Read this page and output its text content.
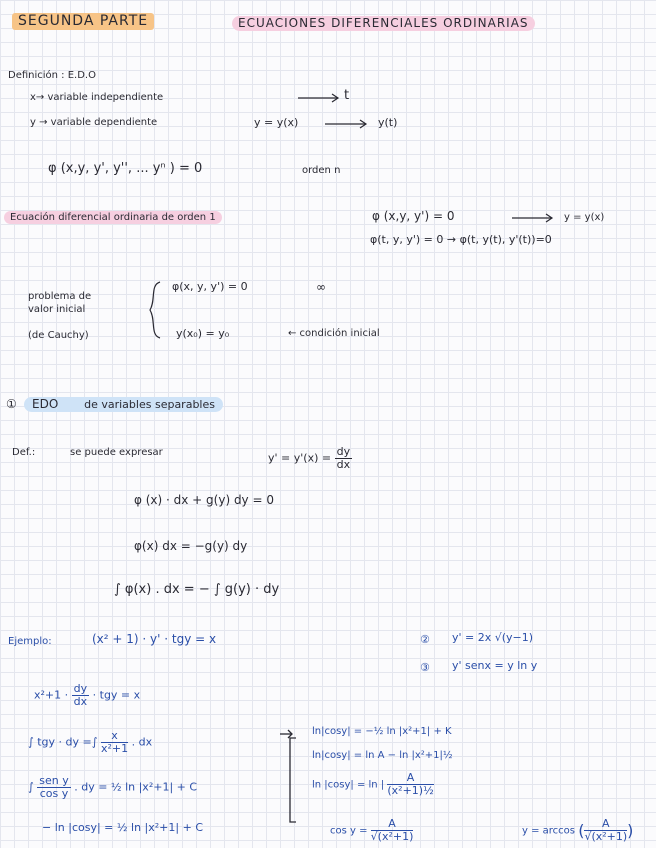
SEGUNDA PARTE	ECUACIONES DIFERENCIALES ORDINARIAS
Definición : E.D.O
x→ variable independiente	t
y → variable dependiente	y = y(x)	y(t)
φ (x,y, y', y'', ... yⁿ ) = 0	orden n
Ecuación diferencial ordinaria de orden 1	φ (x,y, y') = 0	y = y(x)
φ(t, y, y') = 0 → φ(t, y(t), y'(t))=0
problema de
valor inicial
(de Cauchy)
φ(x, y, y') = 0	∞
y(x₀) = y₀	← condición inicial
①	EDO de variables separables
Def.:	se puede expresar	$y' = y'(x) = \frac{dy}{dx}$
φ (x) · dx + g(y) dy = 0
φ(x) dx = −g(y) dy
∫ φ(x) . dx = − ∫ g(y) · dy
Ejemplo:	(x² + 1) · y' · tgy = x	② y' = 2x √(y−1)
③ y' senx = y ln y
$x^2+1 \cdot \frac{dy}{dx}$ · tgy = x
∫ tgy · dy =∫ $\frac{x}{\text{x²+1}}$ . dx
∫ $\frac{\text{sen y}}{\text{cos y}}$ . dy = ½ ln |x²+1| + C
− ln |cosy| = ½ ln |x²+1| + C
ln|cosy| = −½ ln |x²+1| + K
ln|cosy| = ln A − ln |x²+1|½
ln |cosy| = ln | $\frac{A}{\text{(x²+1)½}}$
$\cos y = \frac{A}{\text{√(x²+1)}}$	y = arccos ( $\frac{A}{\text{√(x²+1)}}$ )
